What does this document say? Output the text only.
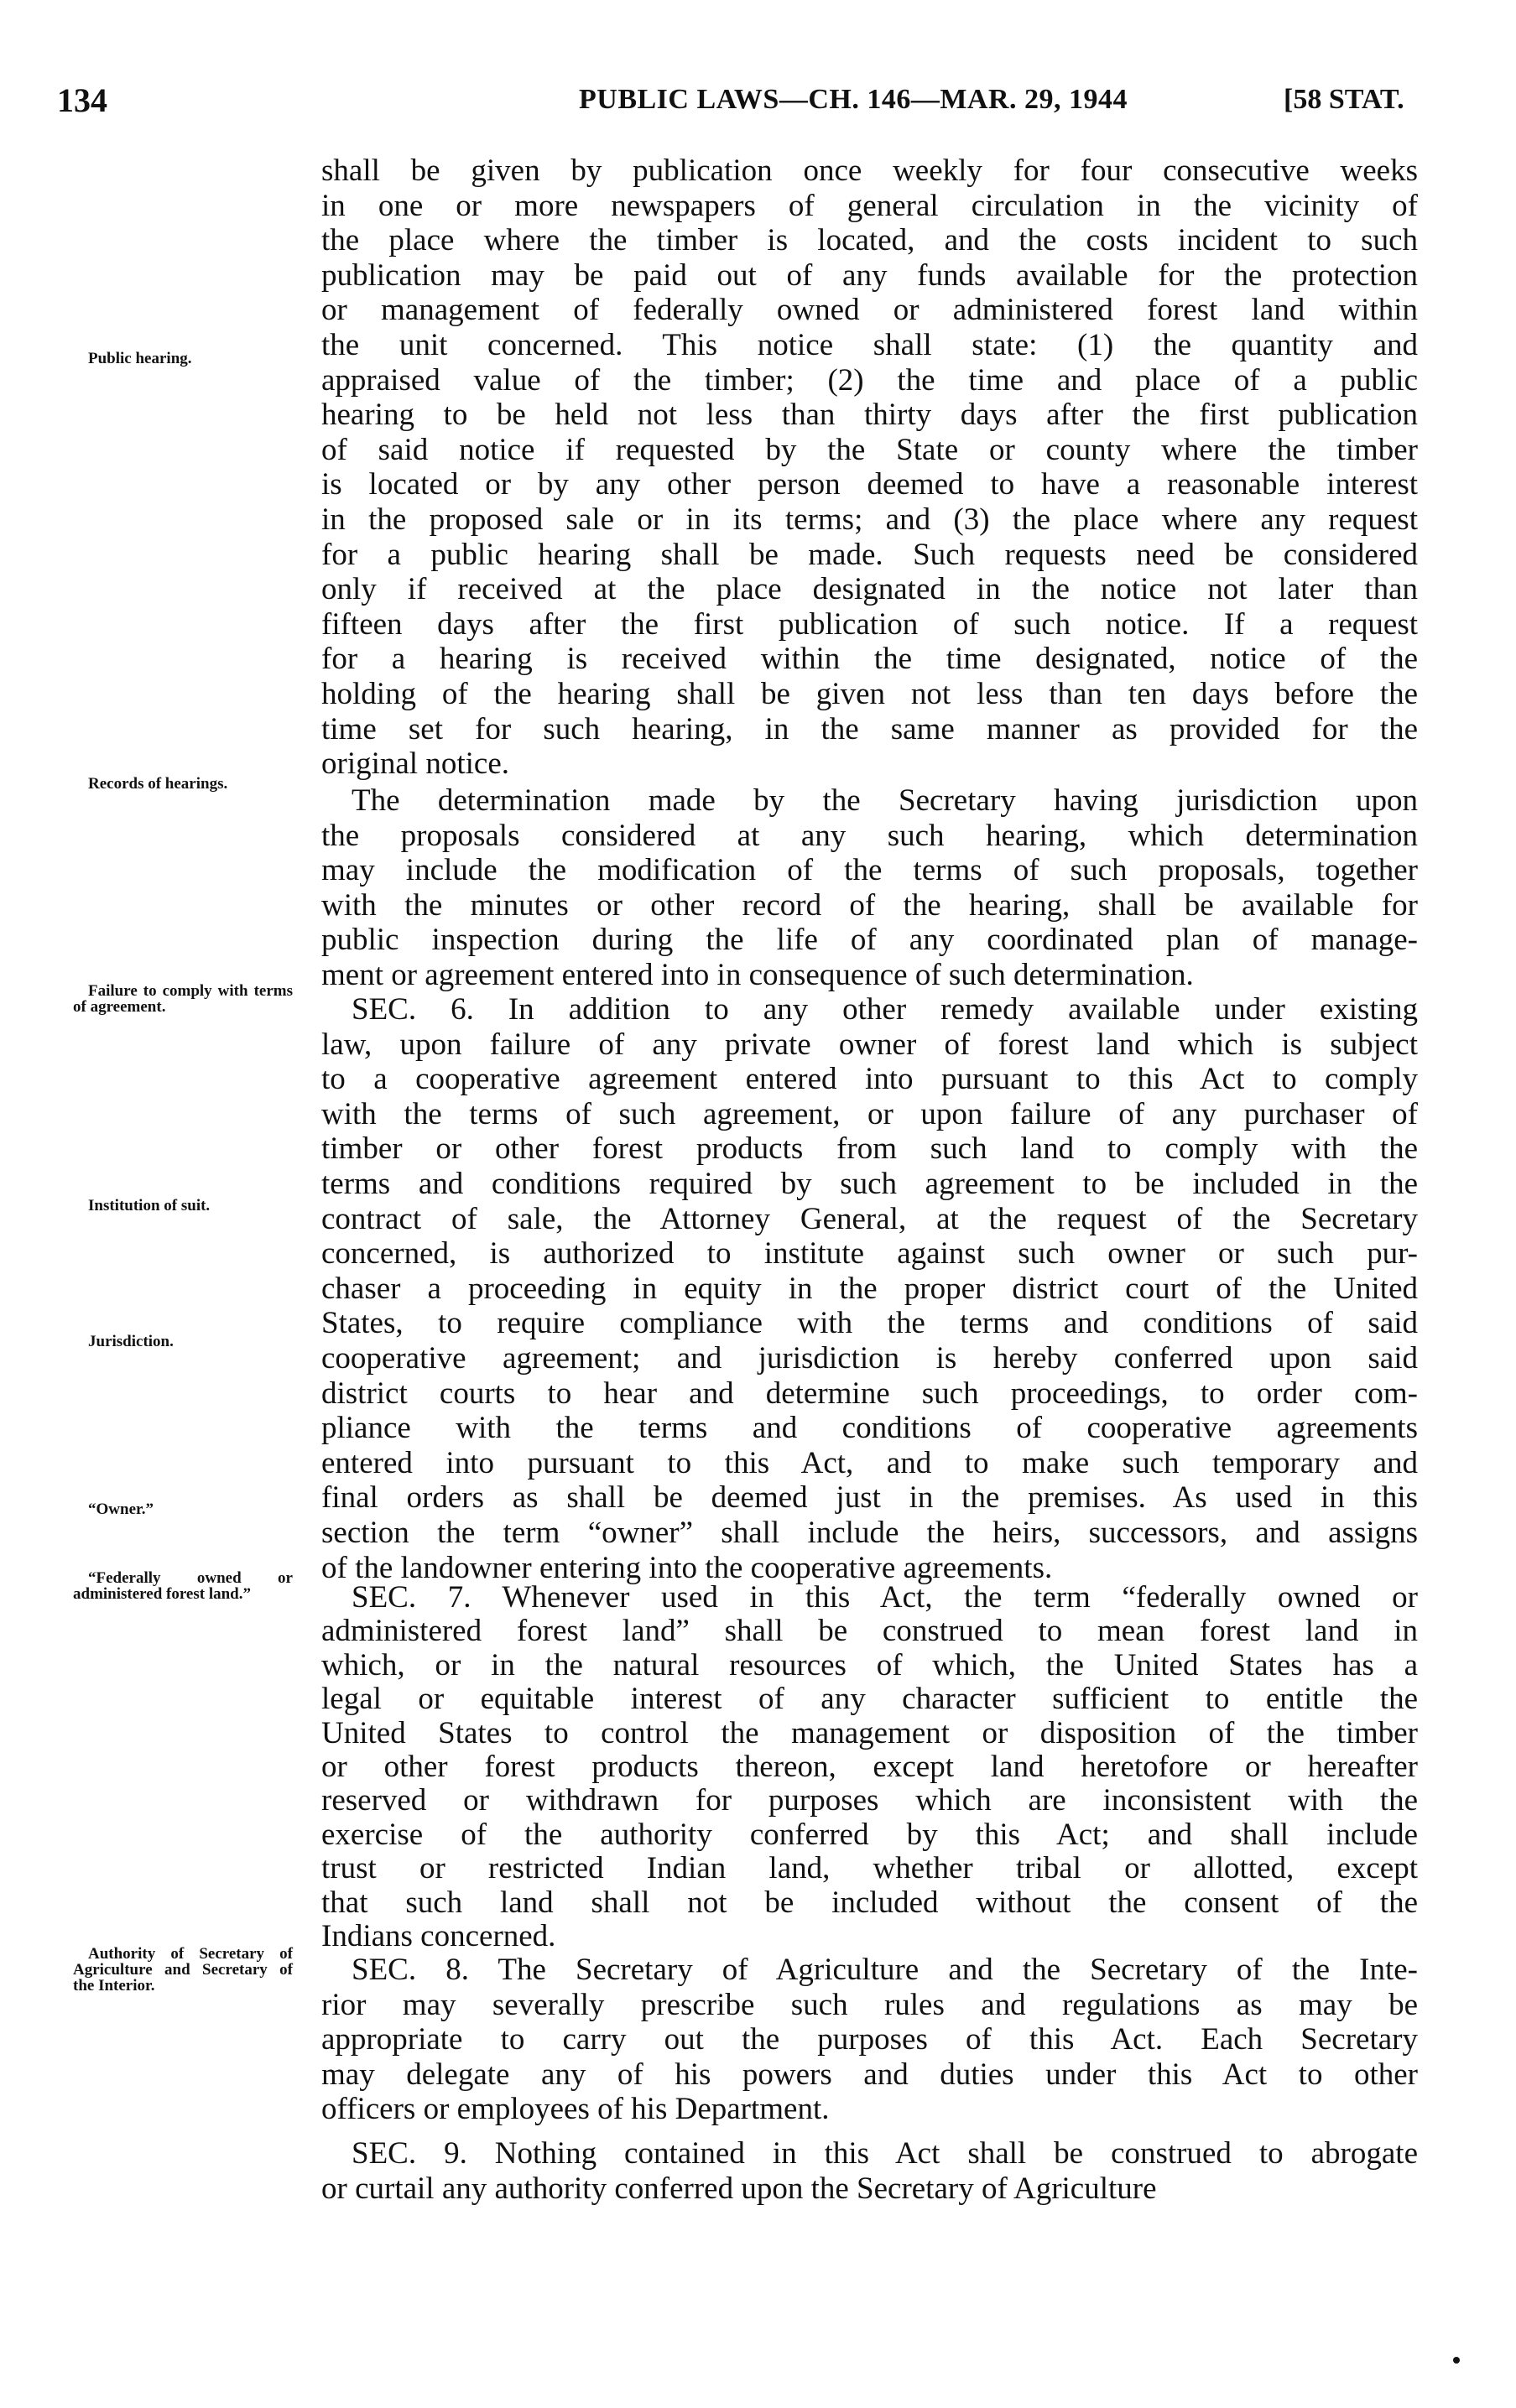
134	PUBLIC LAWS—CH. 146—MAR. 29, 1944	[58 STAT.
Public hearing.
Records of hearings.
Failure to comply with terms of agreement.
Institution of suit.
Jurisdiction.
“Owner.”
“Federally owned or administered forest land.”
Authority of Secretary of Agriculture and Secretary of the Interior.
shall be given by publication once weekly for four consecutive weeks
in one or more newspapers of general circulation in the vicinity of
the place where the timber is located, and the costs incident to such
publication may be paid out of any funds available for the protection
or management of federally owned or administered forest land within
the unit concerned. This notice shall state: (1) the quantity and
appraised value of the timber; (2) the time and place of a public
hearing to be held not less than thirty days after the first publication
of said notice if requested by the State or county where the timber
is located or by any other person deemed to have a reasonable interest
in the proposed sale or in its terms; and (3) the place where any request
for a public hearing shall be made. Such requests need be considered
only if received at the place designated in the notice not later than
fifteen days after the first publication of such notice. If a request
for a hearing is received within the time designated, notice of the
holding of the hearing shall be given not less than ten days before the
time set for such hearing, in the same manner as provided for the
original notice.
The determination made by the Secretary having jurisdiction upon
the proposals considered at any such hearing, which determination
may include the modification of the terms of such proposals, together
with the minutes or other record of the hearing, shall be available for
public inspection during the life of any coordinated plan of manage-
ment or agreement entered into in consequence of such determination.
SEC. 6. In addition to any other remedy available under existing
law, upon failure of any private owner of forest land which is subject
to a cooperative agreement entered into pursuant to this Act to comply
with the terms of such agreement, or upon failure of any purchaser of
timber or other forest products from such land to comply with the
terms and conditions required by such agreement to be included in the
contract of sale, the Attorney General, at the request of the Secretary
concerned, is authorized to institute against such owner or such pur-
chaser a proceeding in equity in the proper district court of the United
States, to require compliance with the terms and conditions of said
cooperative agreement; and jurisdiction is hereby conferred upon said
district courts to hear and determine such proceedings, to order com-
pliance with the terms and conditions of cooperative agreements
entered into pursuant to this Act, and to make such temporary and
final orders as shall be deemed just in the premises. As used in this
section the term “owner” shall include the heirs, successors, and assigns
of the landowner entering into the cooperative agreements.
SEC. 7. Whenever used in this Act, the term “federally owned or
administered forest land” shall be construed to mean forest land in
which, or in the natural resources of which, the United States has a
legal or equitable interest of any character sufficient to entitle the
United States to control the management or disposition of the timber
or other forest products thereon, except land heretofore or hereafter
reserved or withdrawn for purposes which are inconsistent with the
exercise of the authority conferred by this Act; and shall include
trust or restricted Indian land, whether tribal or allotted, except
that such land shall not be included without the consent of the
Indians concerned.
SEC. 8. The Secretary of Agriculture and the Secretary of the Inte-
rior may severally prescribe such rules and regulations as may be
appropriate to carry out the purposes of this Act. Each Secretary
may delegate any of his powers and duties under this Act to other
officers or employees of his Department.
SEC. 9. Nothing contained in this Act shall be construed to abrogate
or curtail any authority conferred upon the Secretary of Agriculture
